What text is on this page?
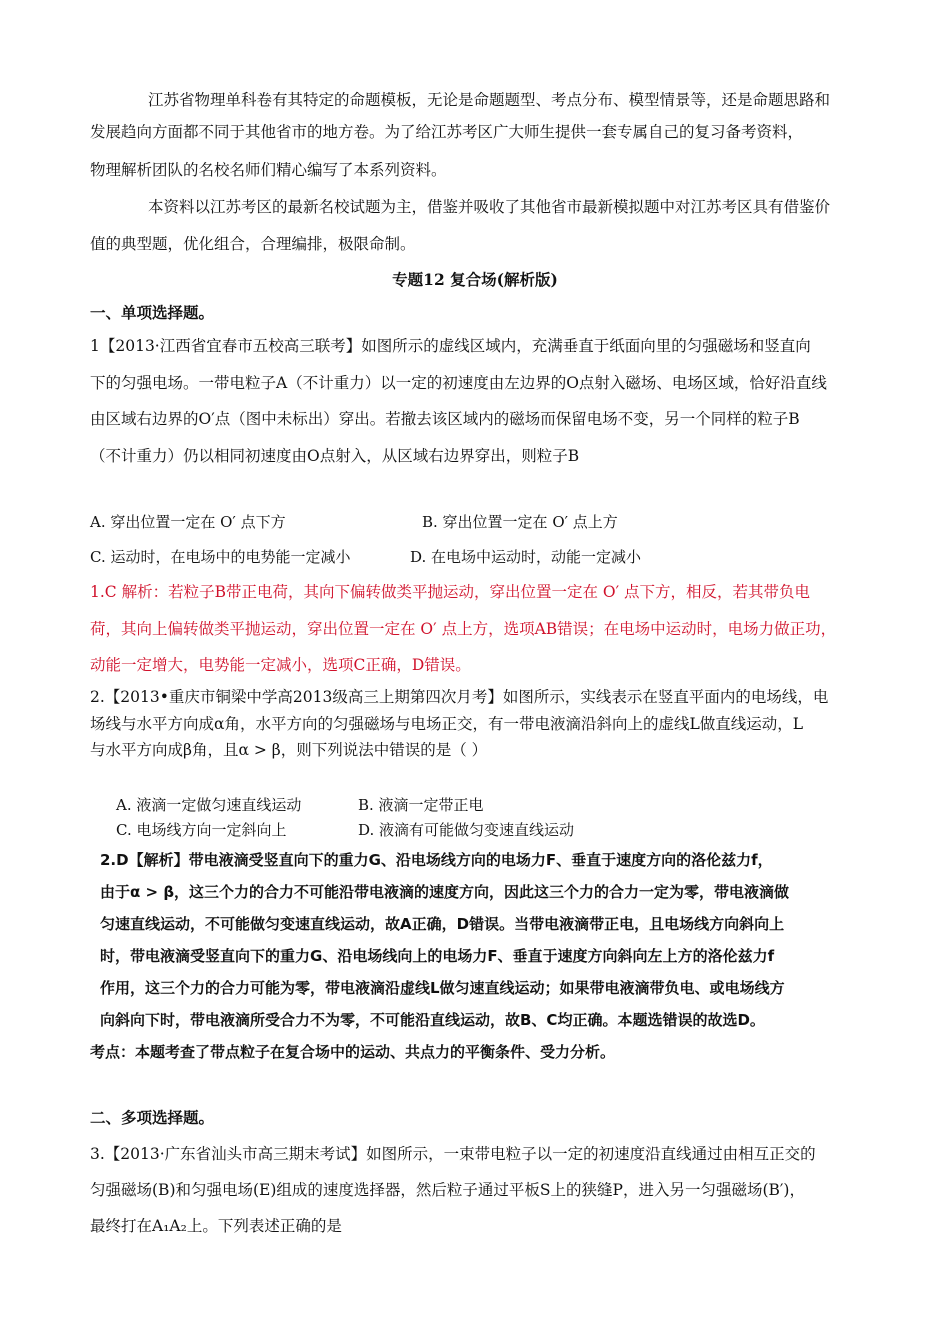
江苏省物理单科卷有其特定的命题模板，无论是命题题型、考点分布、模型情景等，还是命题思路和
发展趋向方面都不同于其他省市的地方卷。为了给江苏考区广大师生提供一套专属自己的复习备考资料，
物理解析团队的名校名师们精心编写了本系列资料。
本资料以江苏考区的最新名校试题为主，借鉴并吸收了其他省市最新模拟题中对江苏考区具有借鉴价
值的典型题，优化组合，合理编排，极限命制。
专题12 复合场(解析版)
一、单项选择题。
1【2013·江西省宜春市五校高三联考】如图所示的虚线区域内，充满垂直于纸面向里的匀强磁场和竖直向
下的匀强电场。一带电粒子A（不计重力）以一定的初速度由左边界的O点射入磁场、电场区域，恰好沿直线
由区域右边界的O′点（图中未标出）穿出。若撤去该区域内的磁场而保留电场不变，另一个同样的粒子B
（不计重力）仍以相同初速度由O点射入，从区域右边界穿出，则粒子B
A. 穿出位置一定在 O′ 点下方	B. 穿出位置一定在 O′ 点上方
C. 运动时，在电场中的电势能一定减小	D. 在电场中运动时，动能一定减小
1.C 解析：若粒子B带正电荷，其向下偏转做类平抛运动，穿出位置一定在 O′ 点下方，相反，若其带负电
荷，其向上偏转做类平抛运动，穿出位置一定在 O′ 点上方，选项AB错误；在电场中运动时，电场力做正功，
动能一定增大，电势能一定减小，选项C正确，D错误。
2.【2013•重庆市铜梁中学高2013级高三上期第四次月考】如图所示，实线表示在竖直平面内的电场线，电
场线与水平方向成α角，水平方向的匀强磁场与电场正交，有一带电液滴沿斜向上的虚线L做直线运动，L
与水平方向成β角，且α > β，则下列说法中错误的是（ ）
A. 液滴一定做匀速直线运动	B. 液滴一定带正电
C. 电场线方向一定斜向上	D. 液滴有可能做匀变速直线运动
2.D【解析】带电液滴受竖直向下的重力G、沿电场线方向的电场力F、垂直于速度方向的洛伦兹力f，
由于α > β，这三个力的合力不可能沿带电液滴的速度方向，因此这三个力的合力一定为零，带电液滴做
匀速直线运动，不可能做匀变速直线运动，故A正确，D错误。当带电液滴带正电，且电场线方向斜向上
时，带电液滴受竖直向下的重力G、沿电场线向上的电场力F、垂直于速度方向斜向左上方的洛伦兹力f
作用，这三个力的合力可能为零，带电液滴沿虚线L做匀速直线运动；如果带电液滴带负电、或电场线方
向斜向下时，带电液滴所受合力不为零，不可能沿直线运动，故B、C均正确。本题选错误的故选D。
考点：本题考查了带点粒子在复合场中的运动、共点力的平衡条件、受力分析。
二、多项选择题。
3.【2013·广东省汕头市高三期末考试】如图所示，一束带电粒子以一定的初速度沿直线通过由相互正交的
匀强磁场(B)和匀强电场(E)组成的速度选择器，然后粒子通过平板S上的狭缝P，进入另一匀强磁场(B′)，
最终打在A₁A₂上。下列表述正确的是
